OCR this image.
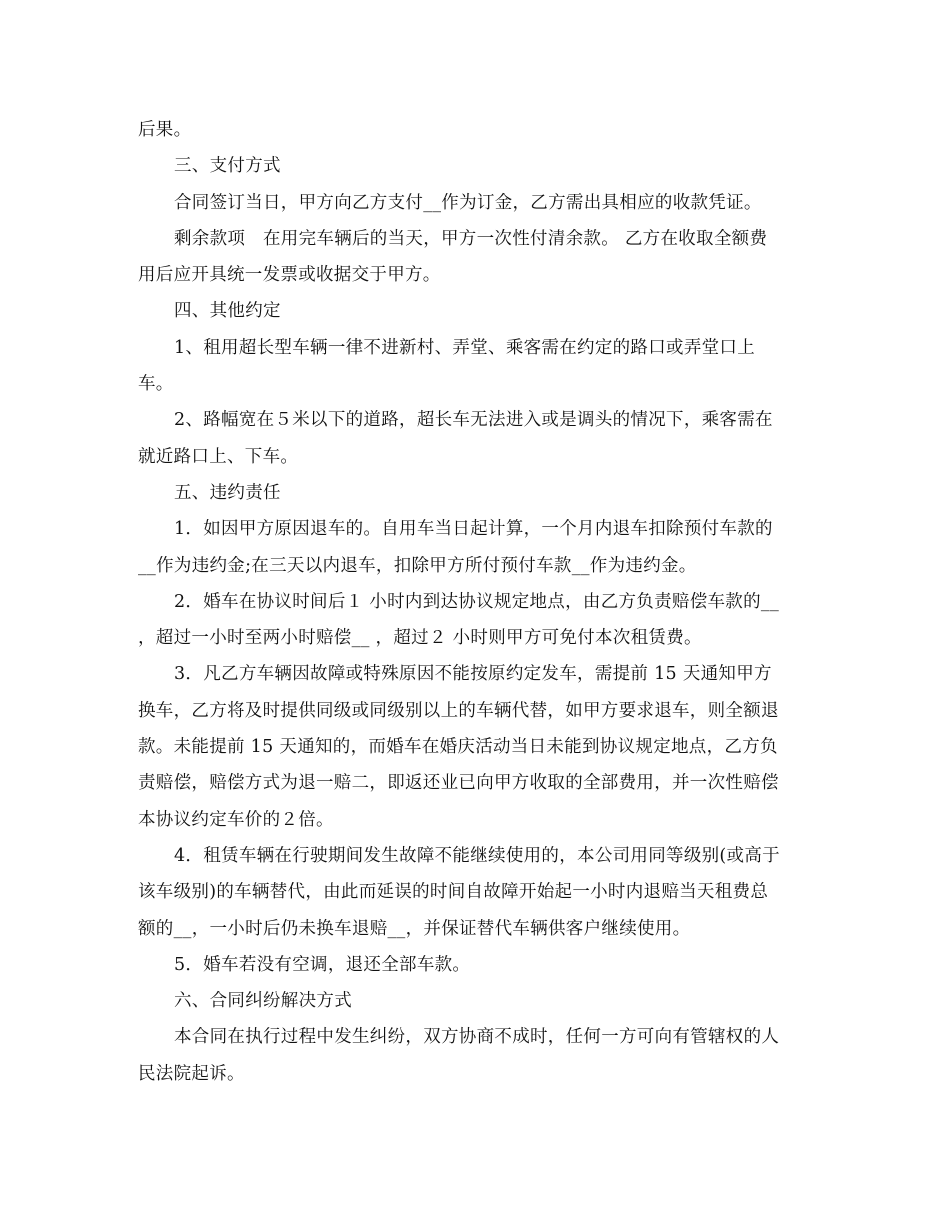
后果。
三、支付方式
合同签订当日，甲方向乙方支付__作为订金，乙方需出具相应的收款凭证。
剩余款项　在用完车辆后的当天，甲方一次性付清余款。 乙方在收取全额费
用后应开具统一发票或收据交于甲方。
四、其他约定
1、租用超长型车辆一律不进新村、弄堂、乘客需在约定的路口或弄堂口上
车。
2、路幅宽在５米以下的道路，超长车无法进入或是调头的情况下，乘客需在
就近路口上、下车。
五、违约责任
1．如因甲方原因退车的。自用车当日起计算，一个月内退车扣除预付车款的
__作为违约金;在三天以内退车，扣除甲方所付预付车款__作为违约金。
2．婚车在协议时间后１ 小时内到达协议规定地点，由乙方负责赔偿车款的__
，超过一小时至两小时赔偿__ ，超过２ 小时则甲方可免付本次租赁费。
3．凡乙方车辆因故障或特殊原因不能按原约定发车，需提前 15 天通知甲方
换车，乙方将及时提供同级或同级别以上的车辆代替，如甲方要求退车，则全额退
款。未能提前 15 天通知的，而婚车在婚庆活动当日未能到协议规定地点，乙方负
责赔偿，赔偿方式为退一赔二，即返还业已向甲方收取的全部费用，并一次性赔偿
本协议约定车价的２倍。
4．租赁车辆在行驶期间发生故障不能继续使用的，本公司用同等级别(或高于
该车级别)的车辆替代，由此而延误的时间自故障开始起一小时内退赔当天租费总
额的__，一小时后仍未换车退赔__，并保证替代车辆供客户继续使用。
5．婚车若没有空调，退还全部车款。
六、合同纠纷解决方式
本合同在执行过程中发生纠纷，双方协商不成时，任何一方可向有管辖权的人
民法院起诉。
